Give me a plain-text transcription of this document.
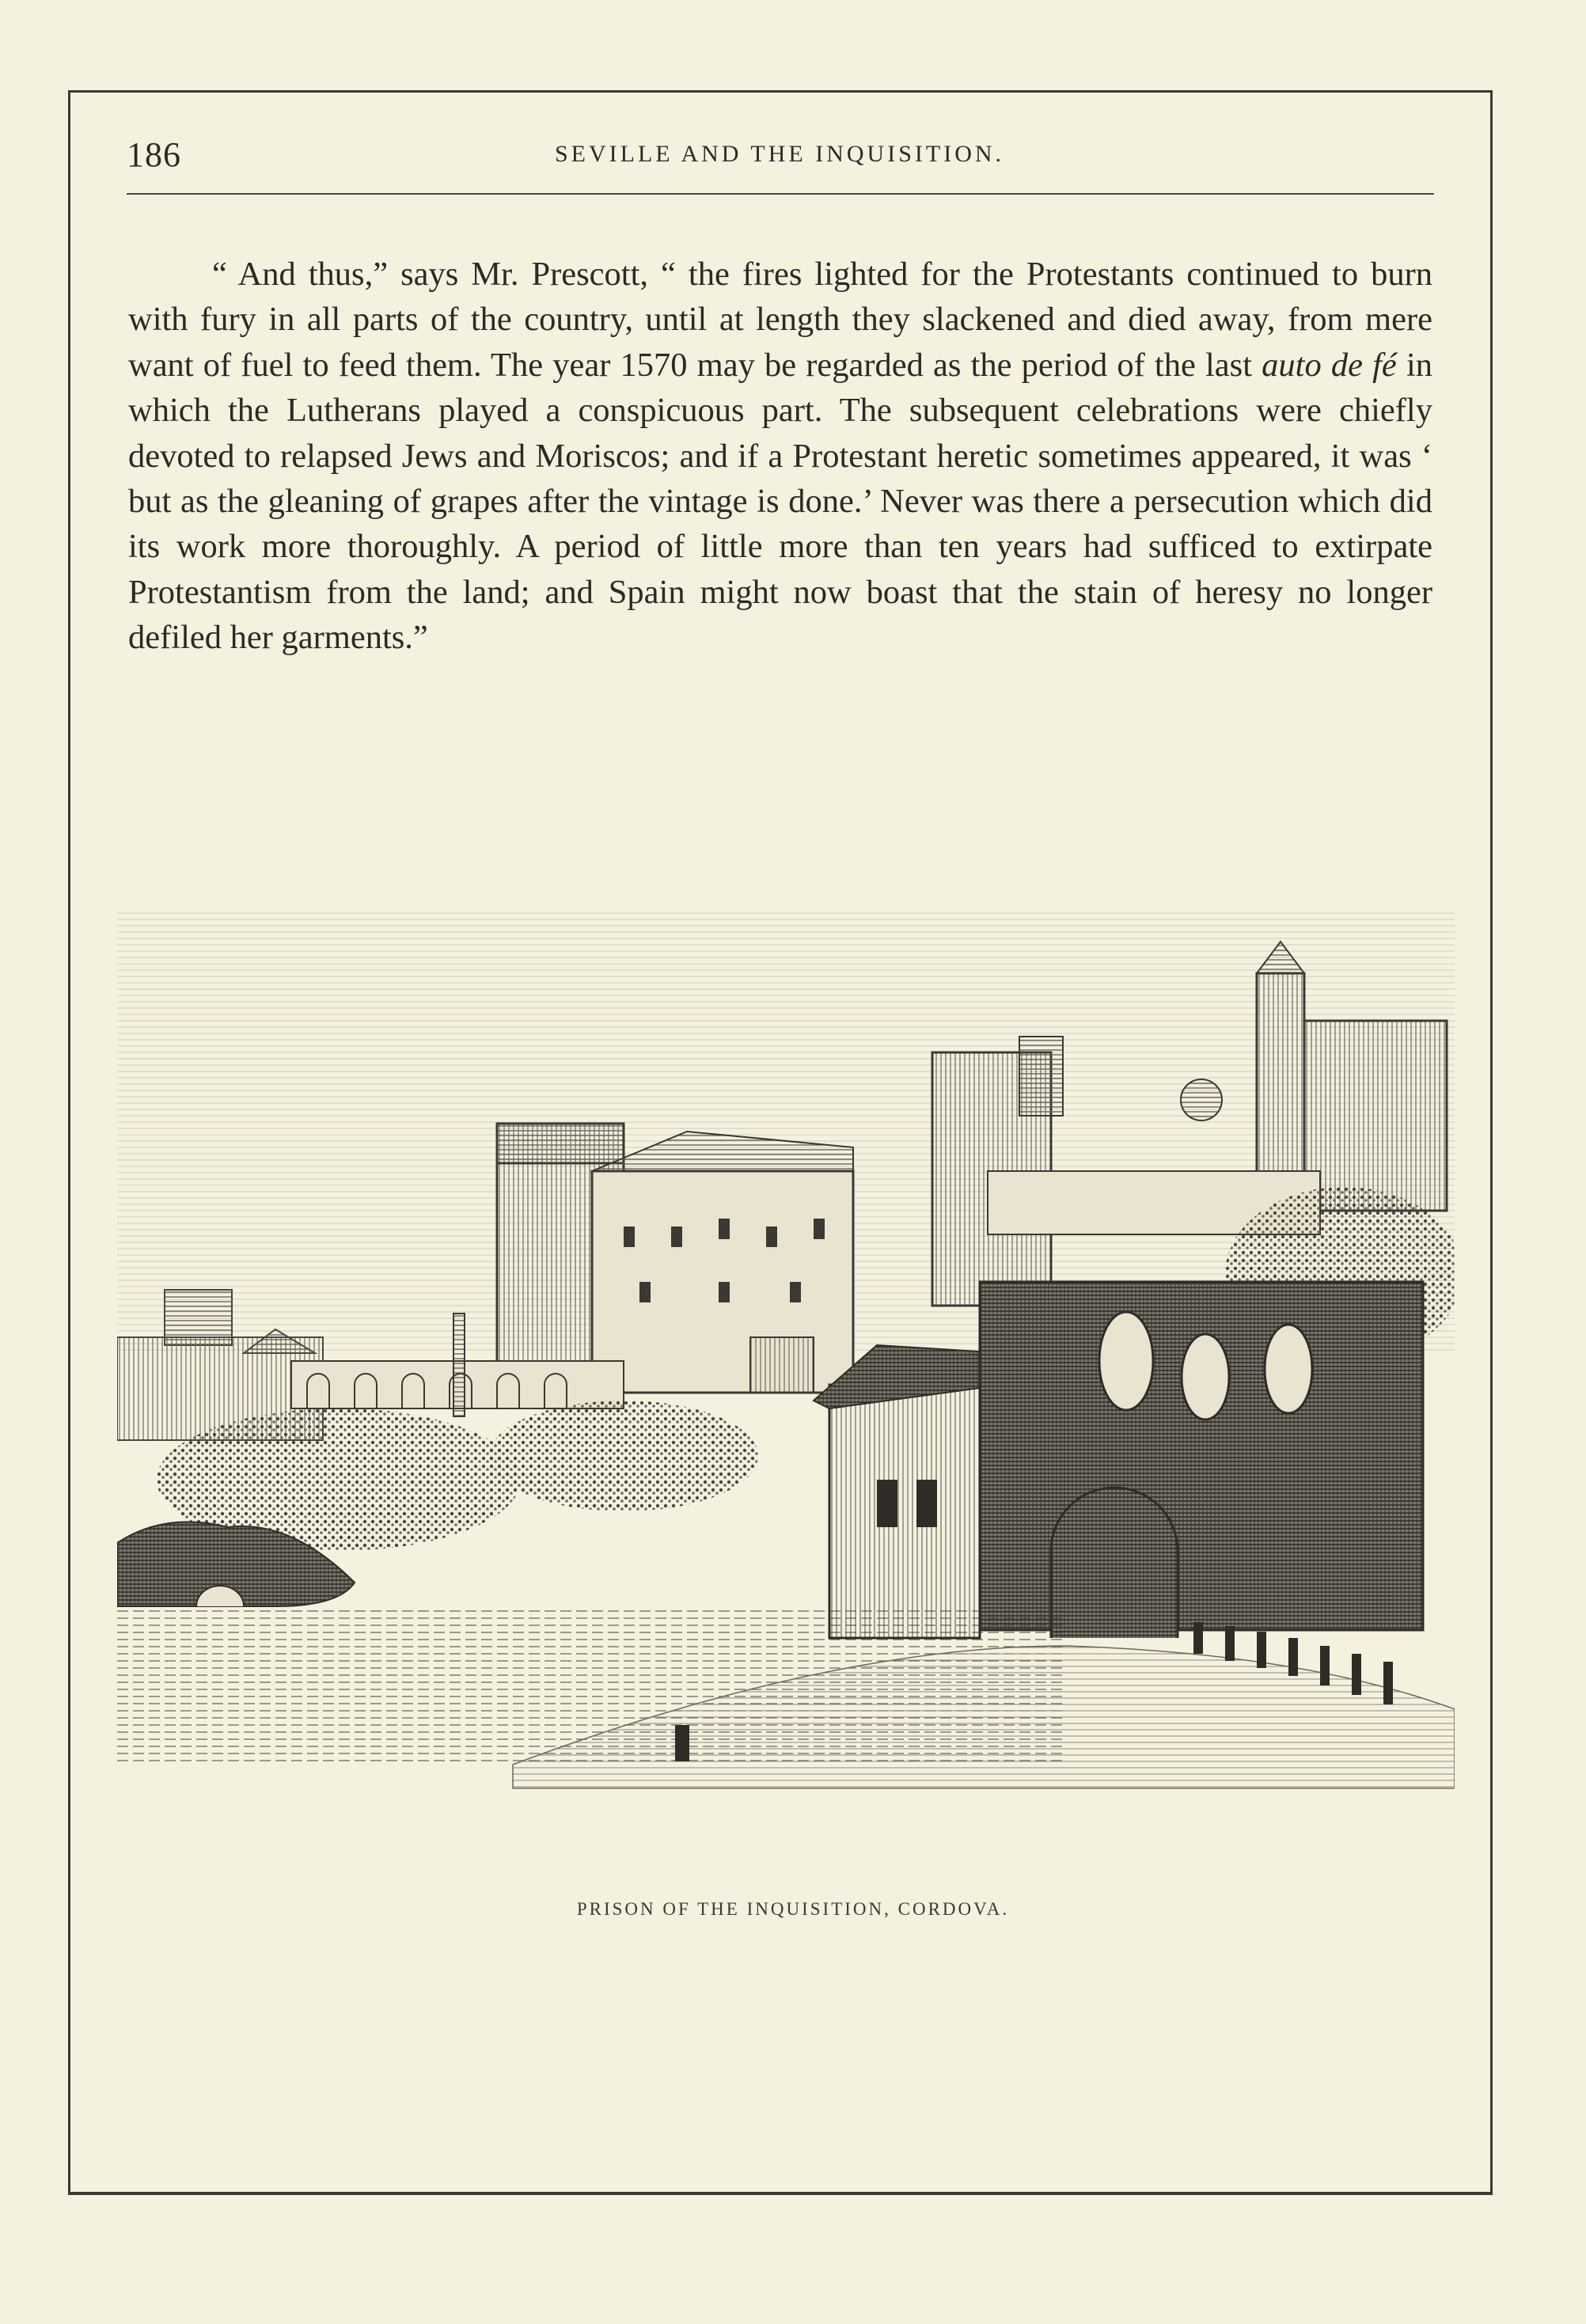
186	SEVILLE AND THE INQUISITION.

“ And thus,” says Mr. Prescott, “ the fires lighted for the Protestants continued to burn with fury in all parts of the country, until at length they slackened and died away, from mere want of fuel to feed them. The year 1570 may be regarded as the period of the last auto de fé in which the Lutherans played a conspicuous part. The subsequent celebrations were chiefly devoted to relapsed Jews and Moriscos; and if a Protestant heretic sometimes appeared, it was ‘ but as the gleaning of grapes after the vintage is done.’ Never was there a persecution which did its work more thoroughly. A period of little more than ten years had sufficed to extirpate Protestantism from the land; and Spain might now boast that the stain of heresy no longer defiled her garments.”

PRISON OF THE INQUISITION, CORDOVA.
